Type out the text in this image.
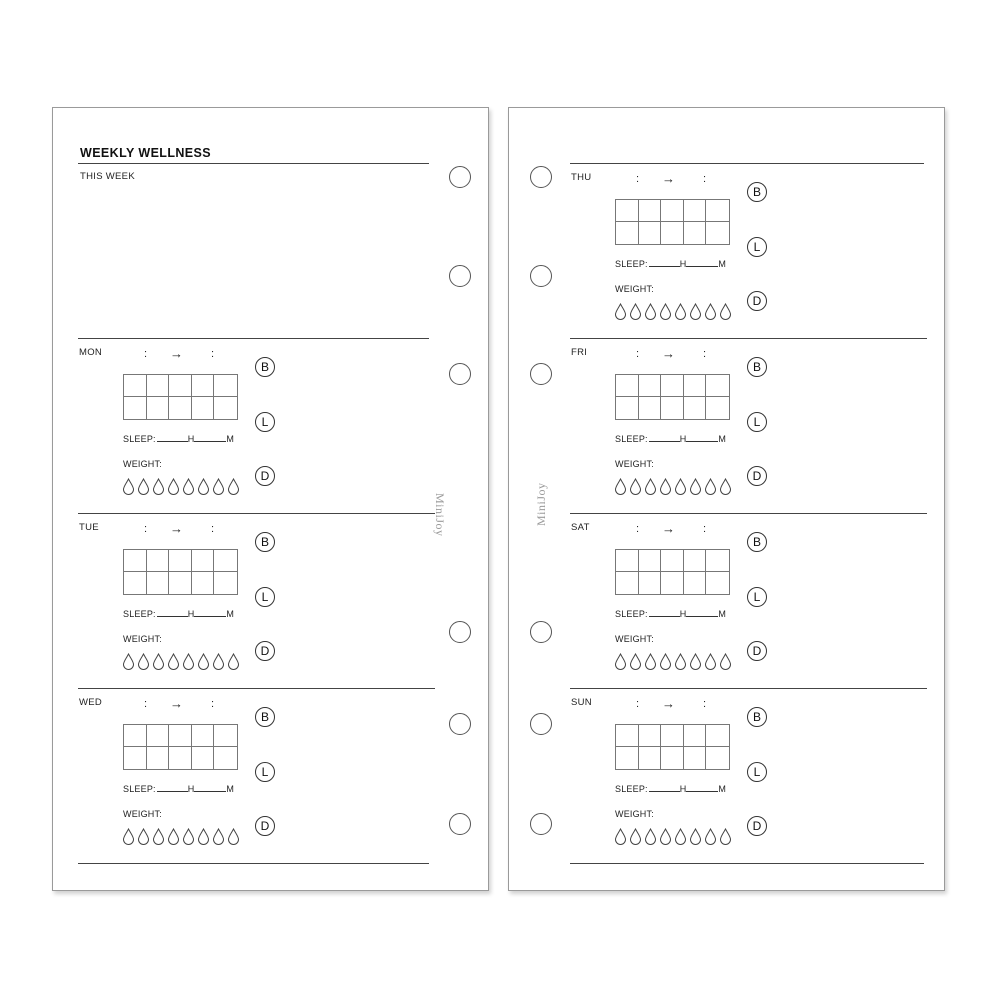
WEEKLY WELLNESS
THIS WEEK
MON	: →	:
SLEEP:	H	M
WEIGHT:
B
L
D
TUE	: →	:
SLEEP:	H	M
WEIGHT:
B
L
D
WED	: →	:
SLEEP:	H	M
WEIGHT:
B
L
D
MiniJoy
THU	: →	:
SLEEP:	H	M
WEIGHT:
B
L
D
FRI	: →	:
SLEEP:	H	M
WEIGHT:
B
L
D
SAT	: →	:
SLEEP:	H	M
WEIGHT:
B
L
D
SUN	: →	:
SLEEP:	H	M
WEIGHT:
B
L
D
MiniJoy
